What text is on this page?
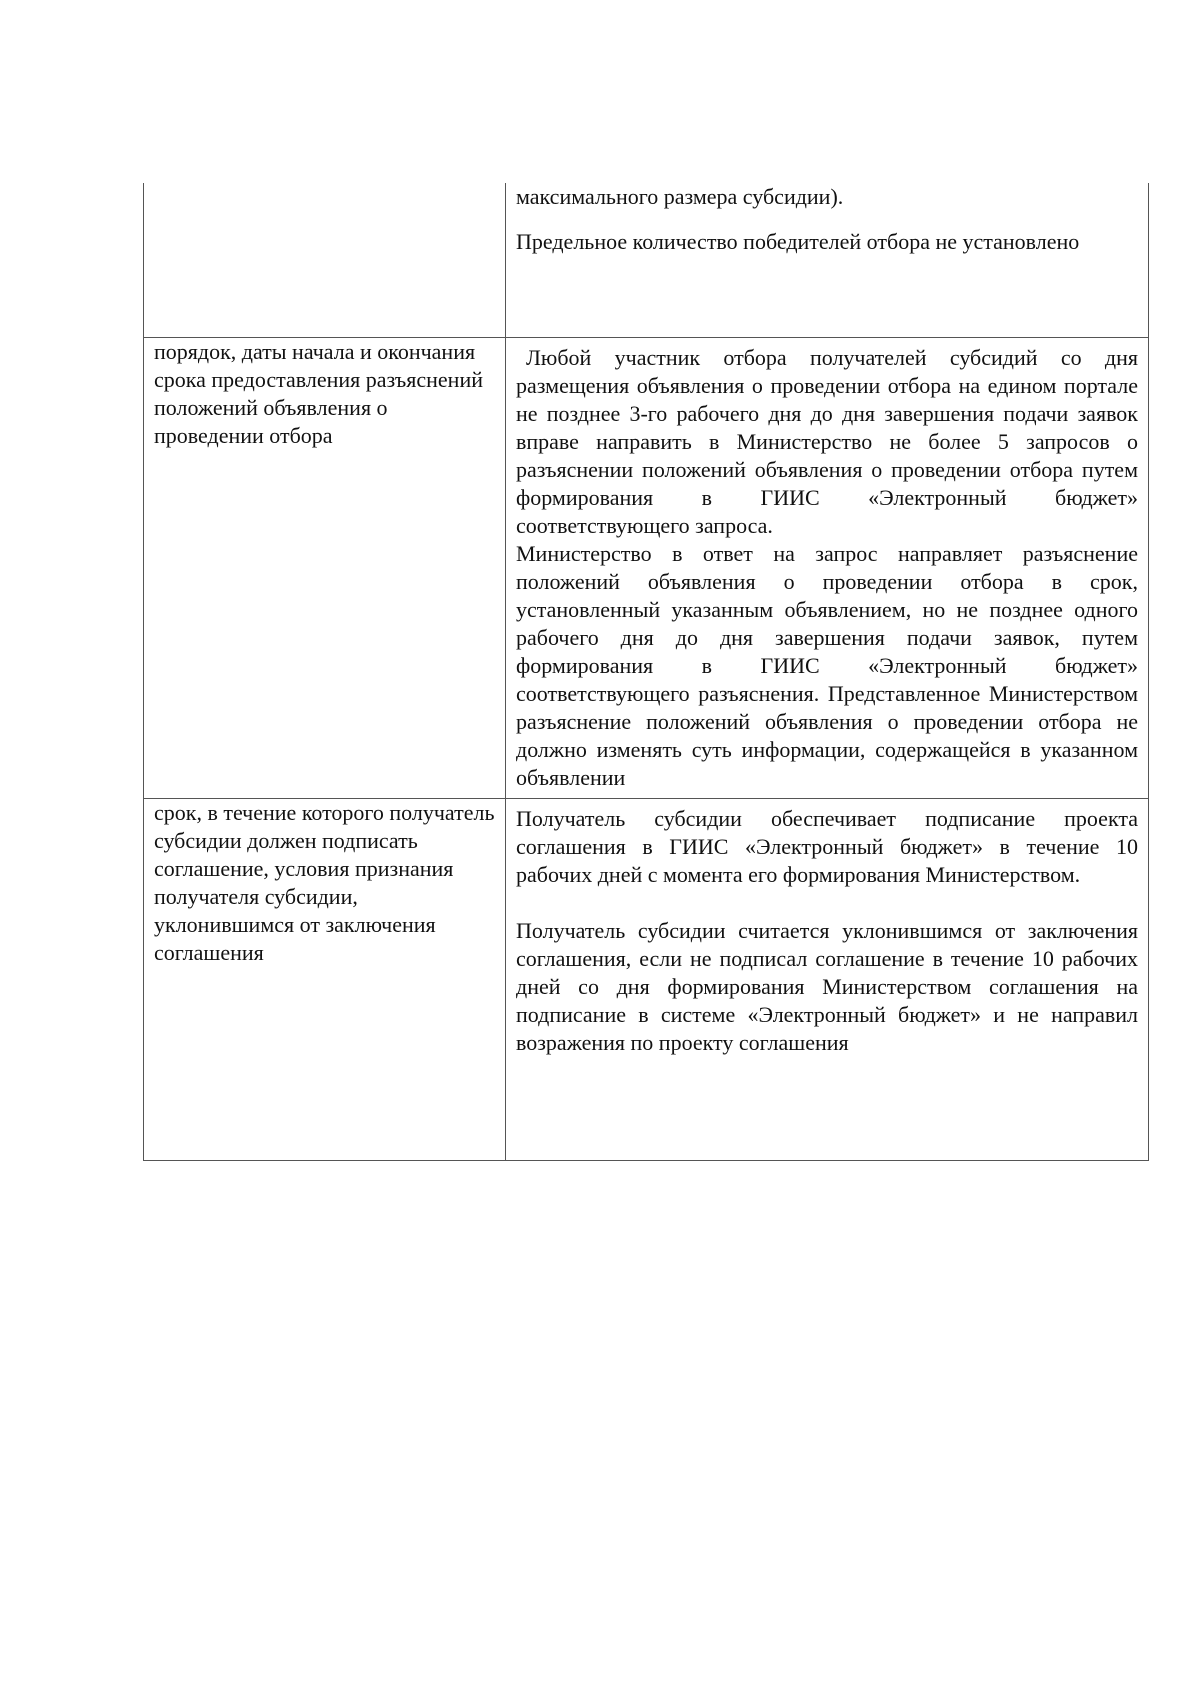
	максимального размера субсидии).

Предельное количество победителей отбора не установлено

порядок, даты начала и окончания срока предоставления разъяснений положений объявления о проведении отбора	Любой участник отбора получателей субсидий со дня размещения объявления о проведении отбора на едином портале не позднее 3-го рабочего дня до дня завершения подачи заявок вправе направить в Министерство не более 5 запросов о разъяснении положений объявления о проведении отбора путем формирования в ГИИС «Электронный бюджет» соответствующего запроса.

Министерство в ответ на запрос направляет разъяснение положений объявления о проведении отбора в срок, установленный указанным объявлением, но не позднее одного рабочего дня до дня завершения подачи заявок, путем формирования в ГИИС «Электронный бюджет» соответствующего разъяснения. Представленное Министерством разъяснение положений объявления о проведении отбора не должно изменять суть информации, содержащейся в указанном объявлении

срок, в течение которого получатель субсидии должен подписать соглашение, условия признания получателя субсидии, уклонившимся от заключения соглашения	Получатель субсидии обеспечивает подписание проекта соглашения в ГИИС «Электронный бюджет» в течение 10 рабочих дней с момента его формирования Министерством.

Получатель субсидии считается уклонившимся от заключения соглашения, если не подписал соглашение в течение 10 рабочих дней со дня формирования Министерством соглашения на подписание в системе «Электронный бюджет» и не направил возражения по проекту соглашения
